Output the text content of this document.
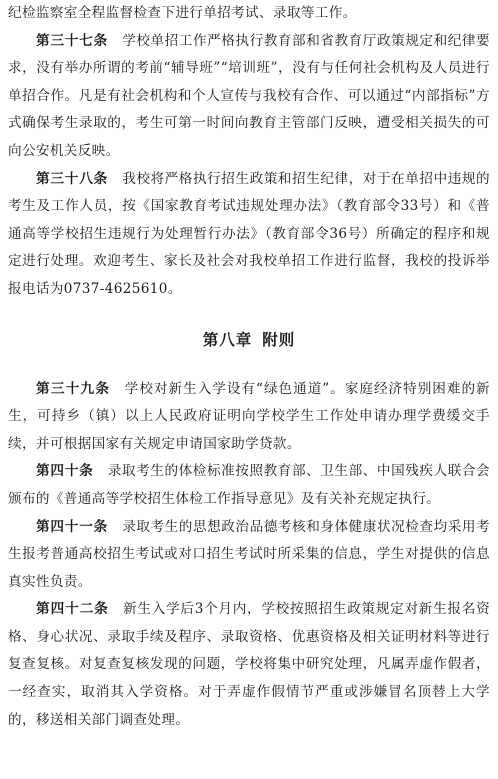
纪检监察室全程监督检查下进行单招考试、录取等工作。

第三十七条　 学校单招工作严格执行教育部和省教育厅政策规定和纪律要求，没有举办所谓的考前“辅导班”“培训班”，没有与任何社会机构及人员进行单招合作。凡是有社会机构和个人宣传与我校有合作、可以通过“内部指标”方式确保考生录取的，考生可第一时间向教育主管部门反映，遭受相关损失的可向公安机关反映。

第三十八条　 我校将严格执行招生政策和招生纪律，对于在单招中违规的考生及工作人员，按《国家教育考试违规处理办法》（教育部令33号）和《普通高等学校招生违规行为处理暂行办法》（教育部令36号）所确定的程序和规定进行处理。欢迎考生、家长及社会对我校单招工作进行监督，我校的投诉举报电话为0737-4625610。

第八章 附则

第三十九条　 学校对新生入学设有“绿色通道”。家庭经济特别困难的新生，可持乡（镇）以上人民政府证明向学校学生工作处申请办理学费缓交手续，并可根据国家有关规定申请国家助学贷款。

第四十条　 录取考生的体检标准按照教育部、卫生部、中国残疾人联合会颁布的《普通高等学校招生体检工作指导意见》及有关补充规定执行。

第四十一条　 录取考生的思想政治品德考核和身体健康状况检查均采用考生报考普通高校招生考试或对口招生考试时所采集的信息，学生对提供的信息真实性负责。

第四十二条　 新生入学后3个月内，学校按照招生政策规定对新生报名资格、身心状况、录取手续及程序、录取资格、优惠资格及相关证明材料等进行复查复核。对复查复核发现的问题，学校将集中研究处理，凡属弄虚作假者，一经查实，取消其入学资格。对于弄虚作假情节严重或涉嫌冒名顶替上大学的，移送相关部门调查处理。
